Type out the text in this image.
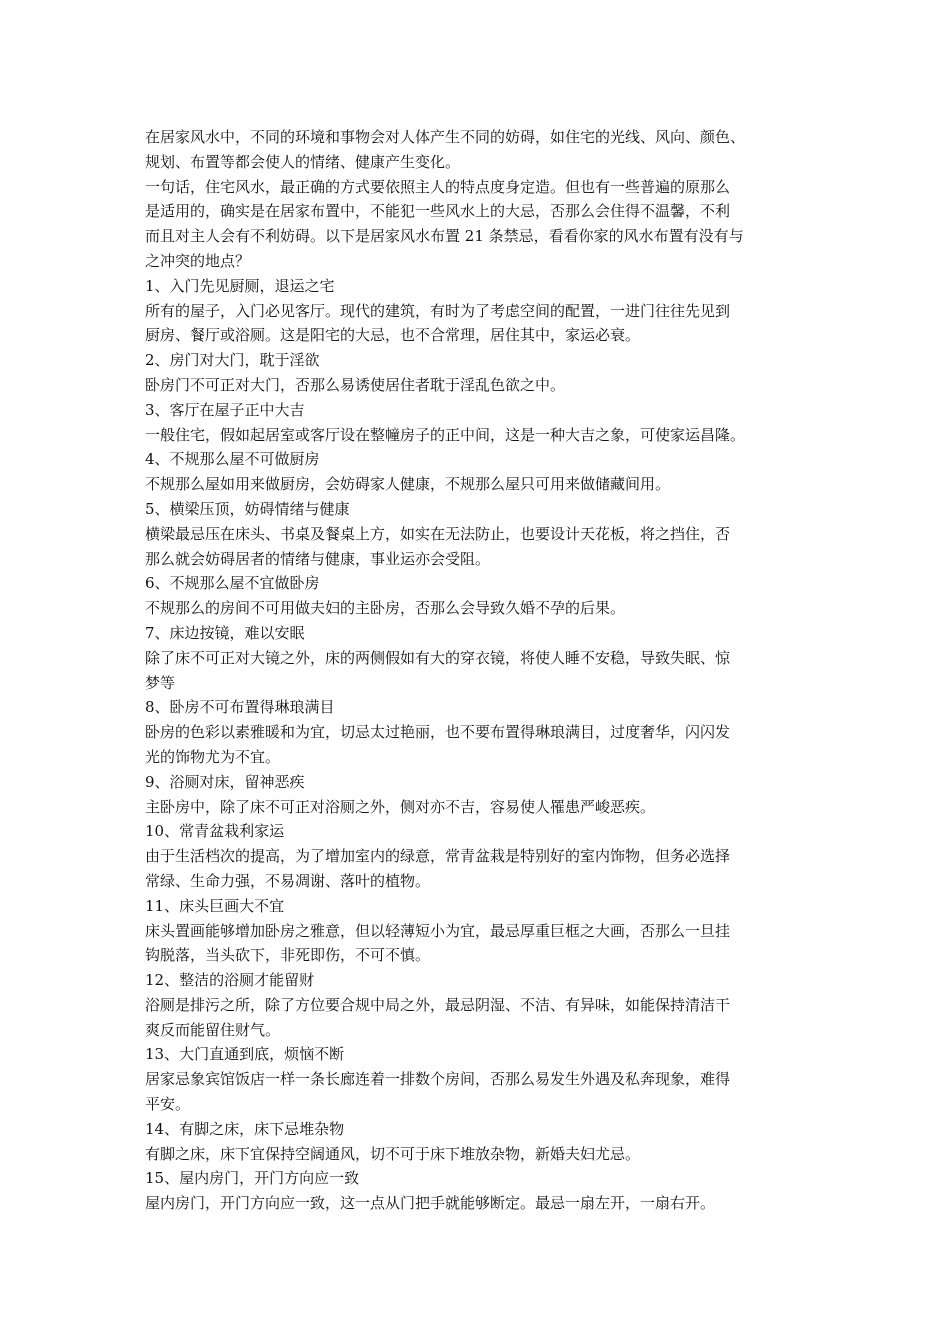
在居家风水中，不同的环境和事物会对人体产生不同的妨碍，如住宅的光线、风向、颜色、
规划、布置等都会使人的情绪、健康产生变化。
一句话，住宅风水，最正确的方式要依照主人的特点度身定造。但也有一些普遍的原那么
是适用的，确实是在居家布置中，不能犯一些风水上的大忌，否那么会住得不温馨，不利
而且对主人会有不利妨碍。以下是居家风水布置 21 条禁忌，看看你家的风水布置有没有与
之冲突的地点？
1、入门先见厨厕，退运之宅
所有的屋子，入门必见客厅。现代的建筑，有时为了考虑空间的配置，一进门往往先见到
厨房、餐厅或浴厕。这是阳宅的大忌，也不合常理，居住其中，家运必衰。
2、房门对大门，耽于淫欲
卧房门不可正对大门，否那么易诱使居住者耽于淫乱色欲之中。
3、客厅在屋子正中大吉
一般住宅，假如起居室或客厅设在整幢房子的正中间，这是一种大吉之象，可使家运昌隆。
4、不规那么屋不可做厨房
不规那么屋如用来做厨房，会妨碍家人健康，不规那么屋只可用来做储藏间用。
5、横梁压顶，妨碍情绪与健康
横梁最忌压在床头、书桌及餐桌上方，如实在无法防止，也要设计天花板，将之挡住，否
那么就会妨碍居者的情绪与健康，事业运亦会受阻。
6、不规那么屋不宜做卧房
不规那么的房间不可用做夫妇的主卧房，否那么会导致久婚不孕的后果。
7、床边按镜，难以安眠
除了床不可正对大镜之外，床的两侧假如有大的穿衣镜，将使人睡不安稳，导致失眠、惊
梦等
8、卧房不可布置得琳琅满目
卧房的色彩以素雅暖和为宜，切忌太过艳丽，也不要布置得琳琅满目，过度奢华，闪闪发
光的饰物尤为不宜。
9、浴厕对床，留神恶疾
主卧房中，除了床不可正对浴厕之外，侧对亦不吉，容易使人罹患严峻恶疾。
10、常青盆栽利家运
由于生活档次的提高，为了增加室内的绿意，常青盆栽是特别好的室内饰物，但务必选择
常绿、生命力强，不易凋谢、落叶的植物。
11、床头巨画大不宜
床头置画能够增加卧房之雅意，但以轻薄短小为宜，最忌厚重巨框之大画，否那么一旦挂
钩脱落，当头砍下，非死即伤，不可不慎。
12、整洁的浴厕才能留财
浴厕是排污之所，除了方位要合规中局之外，最忌阴湿、不洁、有异味，如能保持清洁干
爽反而能留住财气。
13、大门直通到底，烦恼不断
居家忌象宾馆饭店一样一条长廊连着一排数个房间，否那么易发生外遇及私奔现象，难得
平安。
14、有脚之床，床下忌堆杂物
有脚之床，床下宜保持空阔通风，切不可于床下堆放杂物，新婚夫妇尤忌。
15、屋内房门，开门方向应一致
屋内房门，开门方向应一致，这一点从门把手就能够断定。最忌一扇左开，一扇右开。
